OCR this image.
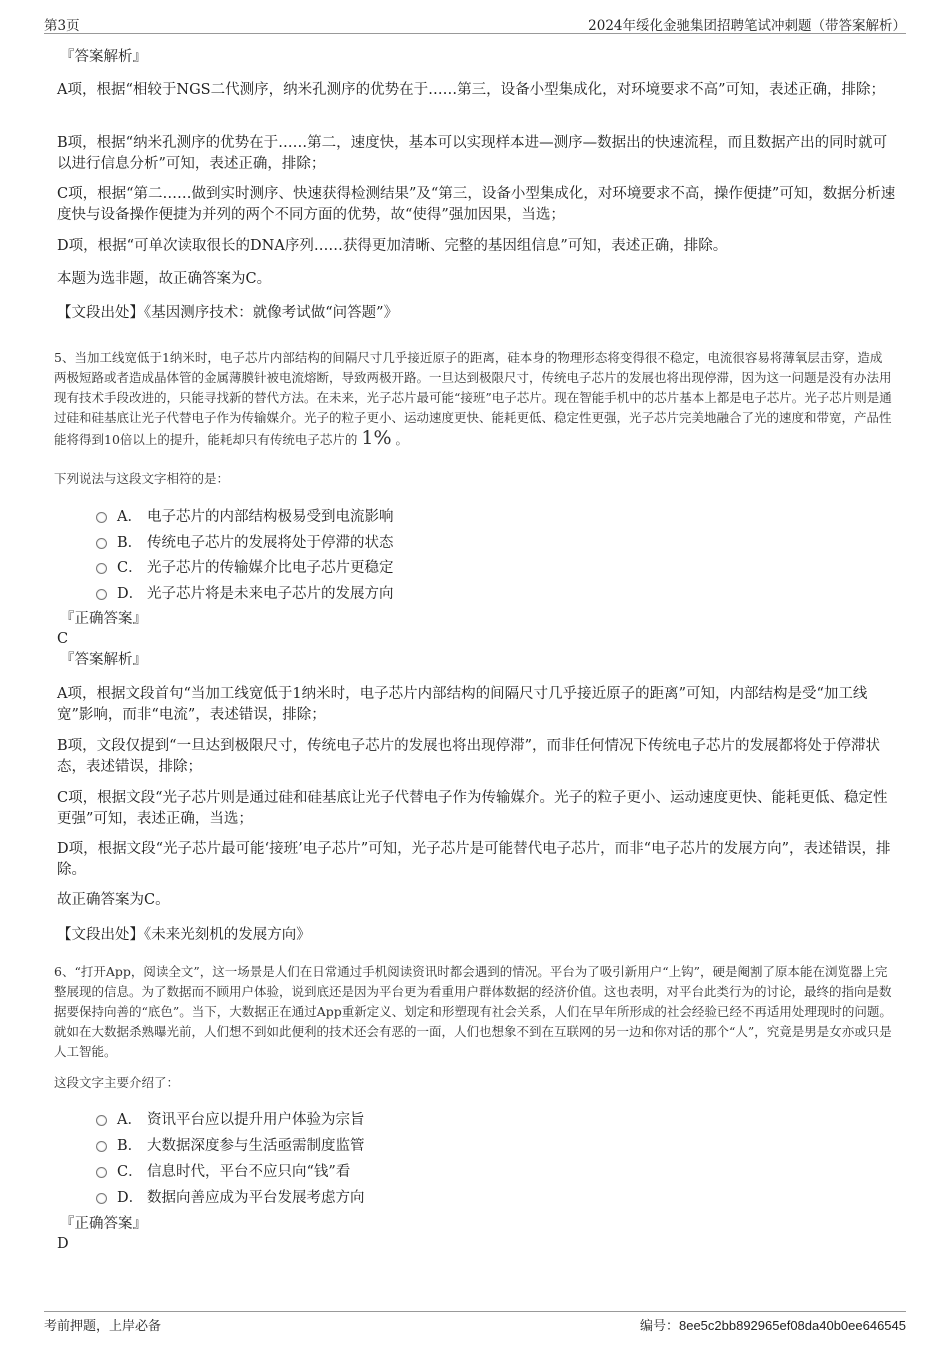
第3页	2024年绥化金驰集团招聘笔试冲刺题（带答案解析）
『答案解析』
A项，根据“相较于NGS二代测序，纳米孔测序的优势在于……第三，设备小型集成化，对环境要求不高”可知，表述正确，排除；
B项，根据“纳米孔测序的优势在于……第二，速度快，基本可以实现样本进—测序—数据出的快速流程，而且数据产出的同时就可以进行信息分析”可知，表述正确，排除；
C项，根据“第二……做到实时测序、快速获得检测结果”及“第三，设备小型集成化，对环境要求不高，操作便捷”可知，数据分析速度快与设备操作便捷为并列的两个不同方面的优势，故“使得”强加因果，当选；
D项，根据“可单次读取很长的DNA序列……获得更加清晰、完整的基因组信息”可知，表述正确，排除。
本题为选非题，故正确答案为C。
【文段出处】《基因测序技术：就像考试做“问答题”》
5、当加工线宽低于1纳米时，电子芯片内部结构的间隔尺寸几乎接近原子的距离，硅本身的物理形态将变得很不稳定，电流很容易将薄氧层击穿，造成两极短路或者造成晶体管的金属薄膜针被电流熔断，导致两极开路。一旦达到极限尺寸，传统电子芯片的发展也将出现停滞，因为这一问题是没有办法用现有技术手段改进的，只能寻找新的替代方法。在未来，光子芯片最可能“接班”电子芯片。现在智能手机中的芯片基本上都是电子芯片。光子芯片则是通过硅和硅基底让光子代替电子作为传输媒介。光子的粒子更小、运动速度更快、能耗更低、稳定性更强，光子芯片完美地融合了光的速度和带宽，产品性能将得到10倍以上的提升，能耗却只有传统电子芯片的 1% 。
下列说法与这段文字相符的是：
A． 电子芯片的内部结构极易受到电流影响
B． 传统电子芯片的发展将处于停滞的状态
C． 光子芯片的传输媒介比电子芯片更稳定
D． 光子芯片将是未来电子芯片的发展方向
『正确答案』
C
『答案解析』
A项，根据文段首句“当加工线宽低于1纳米时，电子芯片内部结构的间隔尺寸几乎接近原子的距离”可知，内部结构是受“加工线宽”影响，而非“电流”，表述错误，排除；
B项，文段仅提到“一旦达到极限尺寸，传统电子芯片的发展也将出现停滞”，而非任何情况下传统电子芯片的发展都将处于停滞状态，表述错误，排除；
C项，根据文段“光子芯片则是通过硅和硅基底让光子代替电子作为传输媒介。光子的粒子更小、运动速度更快、能耗更低、稳定性更强”可知，表述正确，当选；
D项，根据文段“光子芯片最可能‘接班’电子芯片”可知，光子芯片是可能替代电子芯片，而非“电子芯片的发展方向”，表述错误，排除。
故正确答案为C。
【文段出处】《未来光刻机的发展方向》
6、“打开App，阅读全文”，这一场景是人们在日常通过手机阅读资讯时都会遇到的情况。平台为了吸引新用户“上钩”，硬是阉割了原本能在浏览器上完整展现的信息。为了数据而不顾用户体验，说到底还是因为平台更为看重用户群体数据的经济价值。这也表明，对平台此类行为的讨论，最终的指向是数据要保持向善的“底色”。当下，大数据正在通过App重新定义、划定和形塑现有社会关系，人们在早年所形成的社会经验已经不再适用处理现时的问题。就如在大数据杀熟曝光前，人们想不到如此便利的技术还会有恶的一面，人们也想象不到在互联网的另一边和你对话的那个“人”，究竟是男是女亦或只是人工智能。
这段文字主要介绍了：
A． 资讯平台应以提升用户体验为宗旨
B． 大数据深度参与生活亟需制度监管
C． 信息时代，平台不应只向“钱”看
D． 数据向善应成为平台发展考虑方向
『正确答案』
D
考前押题，上岸必备	编号：8ee5c2bb892965ef08da40b0ee646545
